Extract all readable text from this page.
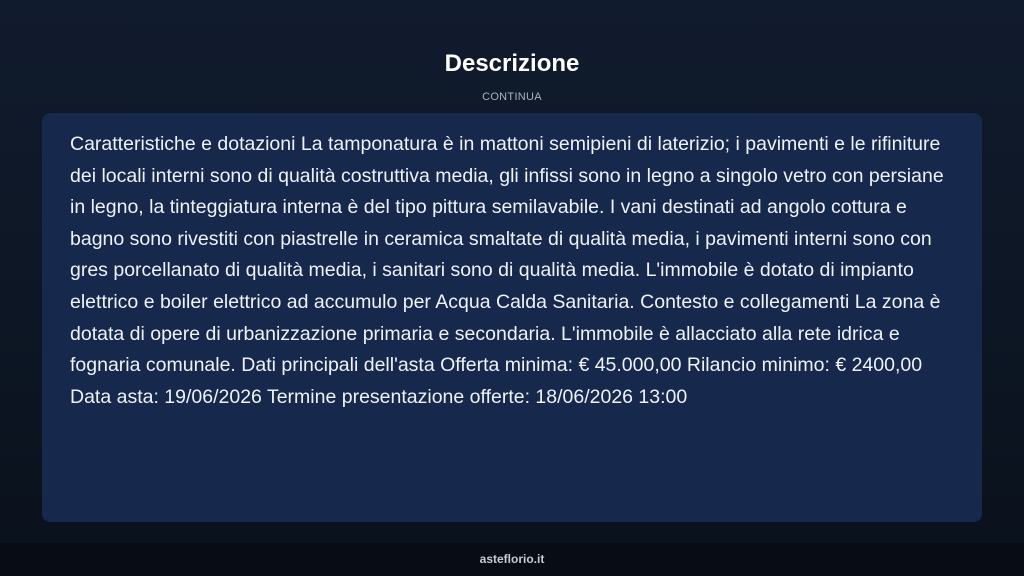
Descrizione
CONTINUA

Caratteristiche e dotazioni La tamponatura è in mattoni semipieni di laterizio; i pavimenti e le rifiniture dei locali interni sono di qualità costruttiva media, gli infissi sono in legno a singolo vetro con persiane in legno, la tinteggiatura interna è del tipo pittura semilavabile. I vani destinati ad angolo cottura e bagno sono rivestiti con piastrelle in ceramica smaltate di qualità media, i pavimenti interni sono con gres porcellanato di qualità media, i sanitari sono di qualità media. L'immobile è dotato di impianto elettrico e boiler elettrico ad accumulo per Acqua Calda Sanitaria. Contesto e collegamenti La zona è dotata di opere di urbanizzazione primaria e secondaria. L'immobile è allacciato alla rete idrica e fognaria comunale. Dati principali dell'asta Offerta minima: € 45.000,00 Rilancio minimo: € 2400,00 Data asta: 19/06/2026 Termine presentazione offerte: 18/06/2026 13:00

asteflorio.it
